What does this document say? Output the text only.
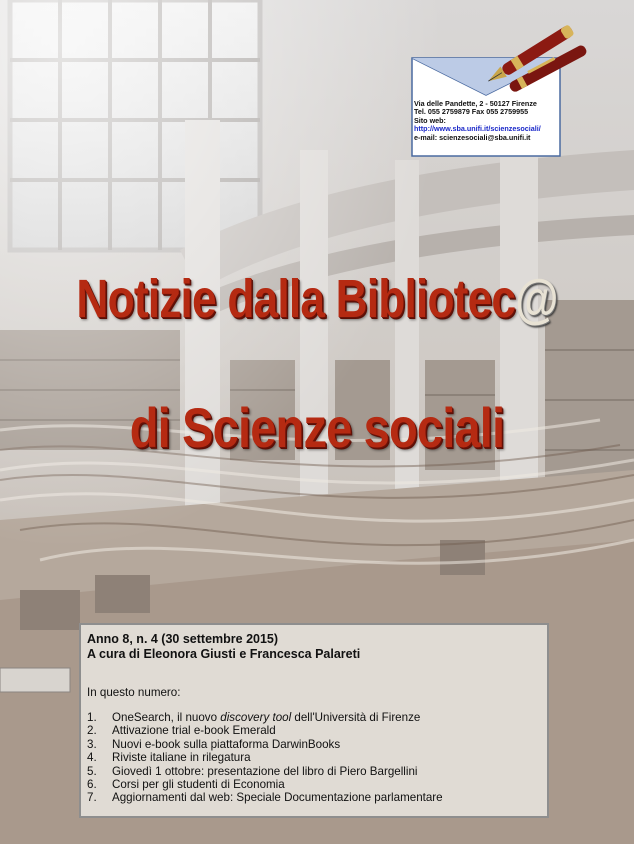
Via delle Pandette, 2 - 50127 Firenze
Tel. 055 2759879 Fax 055 2759955
Sito web:
http://www.sba.unifi.it/scienzesociali/
e-mail: scienzesociali@sba.unifi.it
Notizie dalla Bibliotec@
di Scienze sociali
Anno 8, n. 4 (30 settembre 2015)
A cura di Eleonora Giusti e Francesca Palareti
In questo numero:
1. OneSearch, il nuovo discovery tool dell'Università di Firenze
2. Attivazione trial e-book Emerald
3. Nuovi e-book sulla piattaforma DarwinBooks
4. Riviste italiane in rilegatura
5. Giovedì 1 ottobre: presentazione del libro di Piero Bargellini
6. Corsi per gli studenti di Economia
7. Aggiornamenti dal web: Speciale Documentazione parlamentare
